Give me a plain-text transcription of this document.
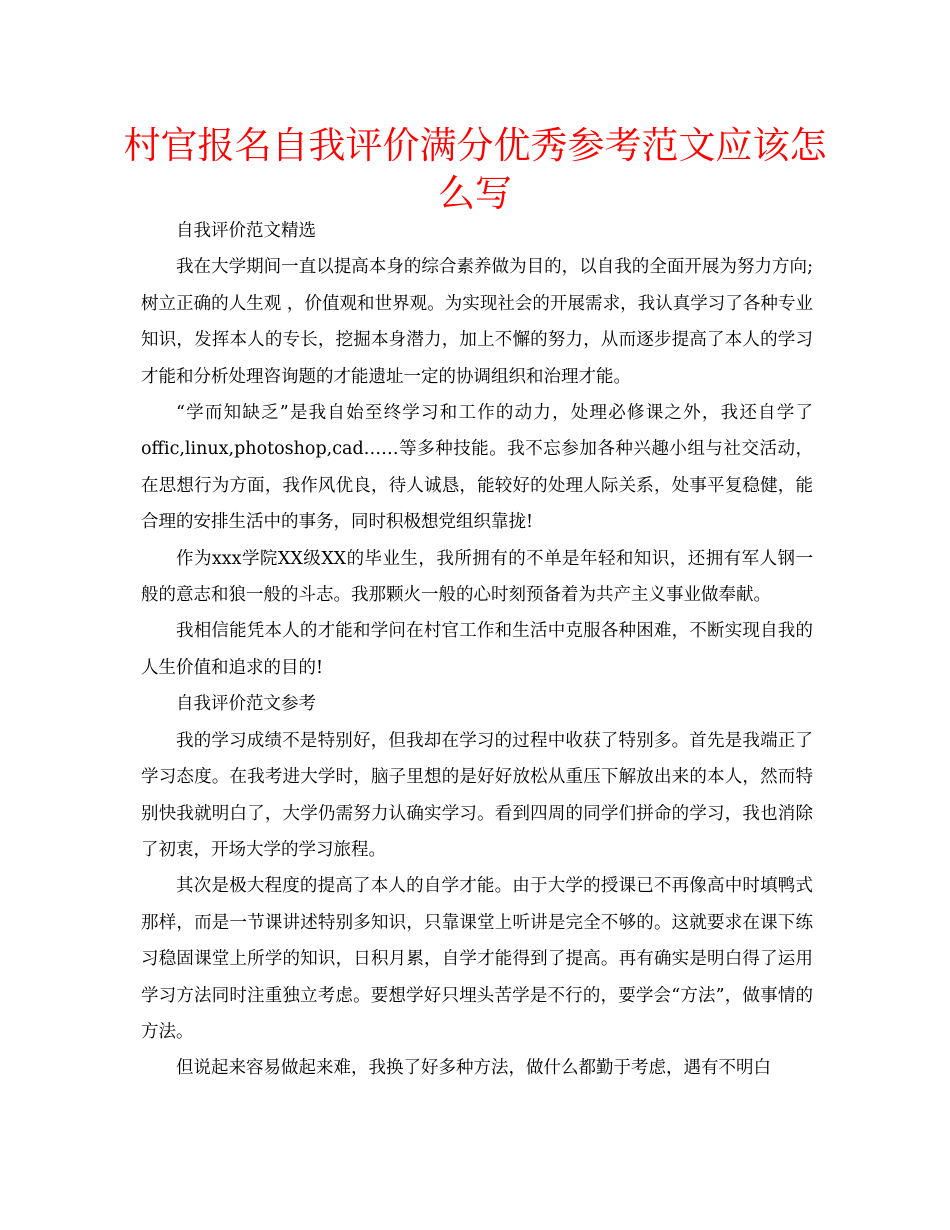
村官报名自我评价满分优秀参考范文应该怎么写

自我评价范文精选

我在大学期间一直以提高本身的综合素养做为目的，以自我的全面开展为努力方向;树立正确的人生观 ，价值观和世界观。为实现社会的开展需求，我认真学习了各种专业知识，发挥本人的专长，挖掘本身潜力，加上不懈的努力，从而逐步提高了本人的学习才能和分析处理咨询题的才能遗址一定的协调组织和治理才能。

“学而知缺乏”是我自始至终学习和工作的动力，处理必修课之外，我还自学了offic,linux,photoshop,cad……等多种技能。我不忘参加各种兴趣小组与社交活动，在思想行为方面，我作风优良，待人诚恳，能较好的处理人际关系，处事平复稳健，能合理的安排生活中的事务，同时积极想党组织靠拢!

作为xxx学院XX级XX的毕业生，我所拥有的不单是年轻和知识，还拥有军人钢一般的意志和狼一般的斗志。我那颗火一般的心时刻预备着为共产主义事业做奉献。

我相信能凭本人的才能和学问在村官工作和生活中克服各种困难，不断实现自我的人生价值和追求的目的!

自我评价范文参考

我的学习成绩不是特别好，但我却在学习的过程中收获了特别多。首先是我端正了学习态度。在我考进大学时，脑子里想的是好好放松从重压下解放出来的本人，然而特别快我就明白了，大学仍需努力认确实学习。看到四周的同学们拼命的学习，我也消除了初衷，开场大学的学习旅程。

其次是极大程度的提高了本人的自学才能。由于大学的授课已不再像高中时填鸭式那样，而是一节课讲述特别多知识，只靠课堂上听讲是完全不够的。这就要求在课下练习稳固课堂上所学的知识，日积月累，自学才能得到了提高。再有确实是明白得了运用学习方法同时注重独立考虑。要想学好只埋头苦学是不行的，要学会“方法”，做事情的方法。

但说起来容易做起来难，我换了好多种方法，做什么都勤于考虑，遇有不明白
